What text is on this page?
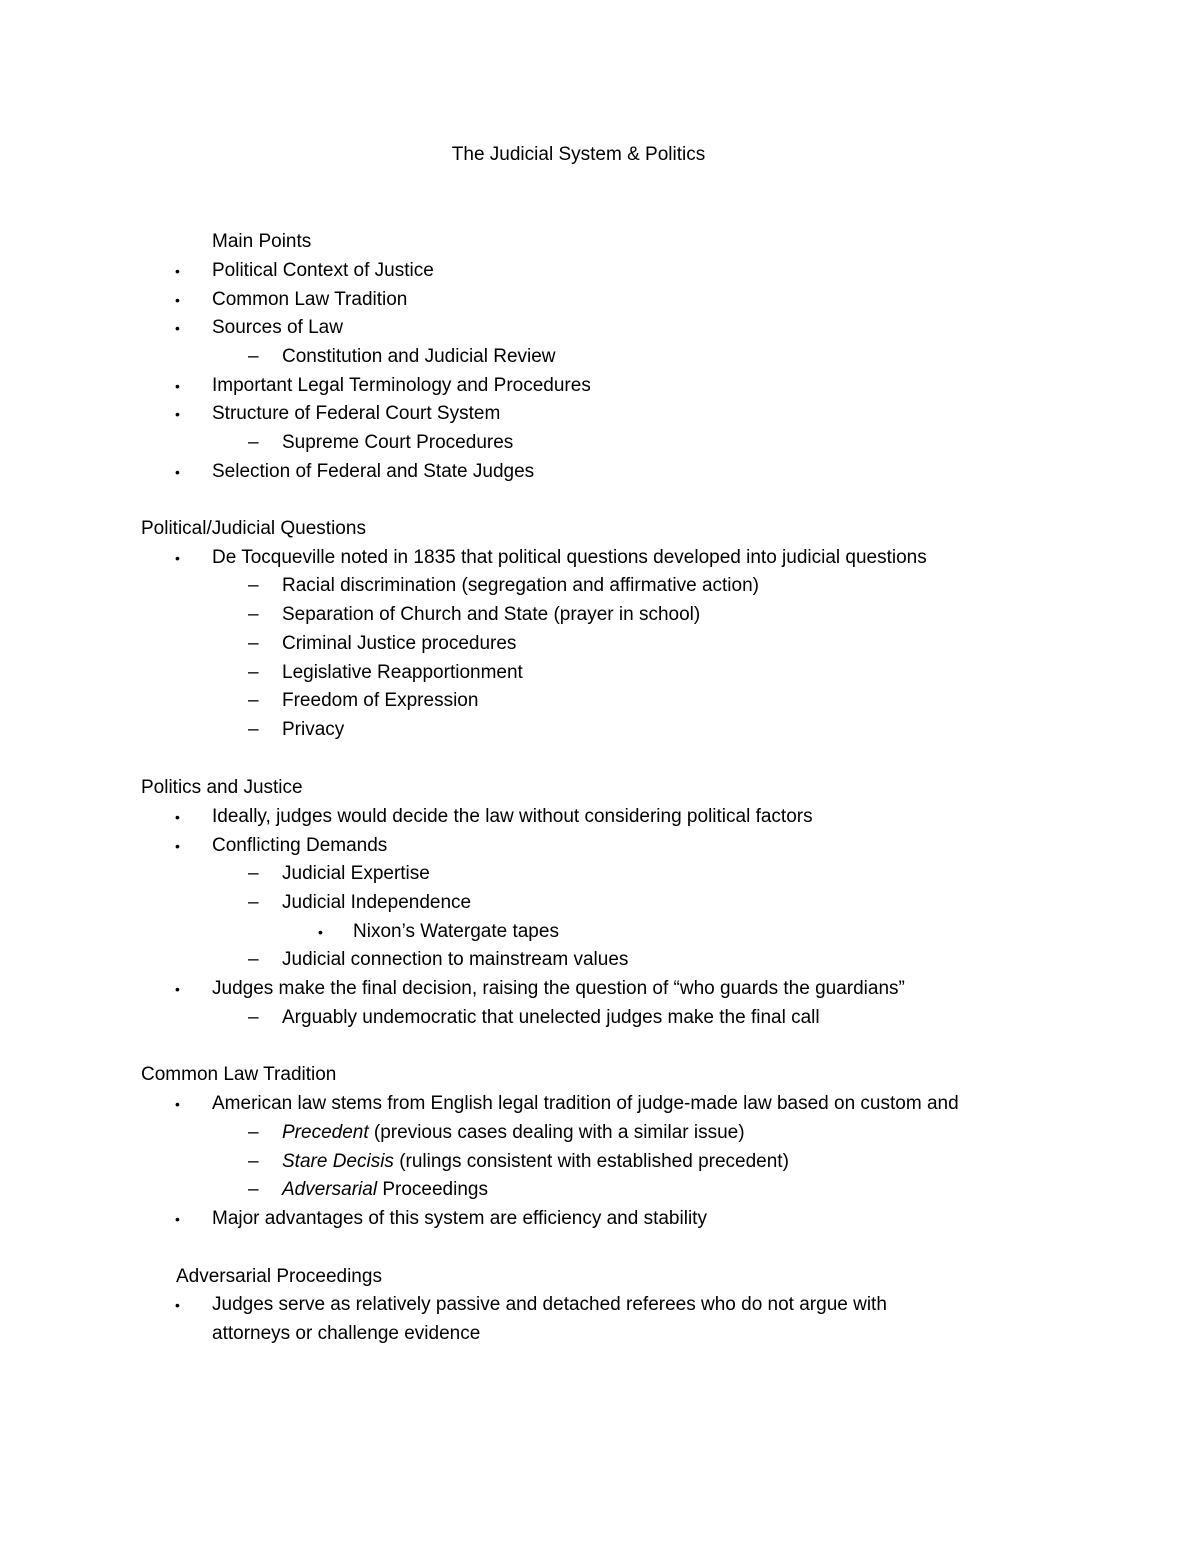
The Judicial System & Politics
Main Points
• Political Context of Justice
• Common Law Tradition
• Sources of Law
– Constitution and Judicial Review
• Important Legal Terminology and Procedures
• Structure of Federal Court System
– Supreme Court Procedures
• Selection of Federal and State Judges
Political/Judicial Questions
• De Tocqueville noted in 1835 that political questions developed into judicial questions
– Racial discrimination (segregation and affirmative action)
– Separation of Church and State (prayer in school)
– Criminal Justice procedures
– Legislative Reapportionment
– Freedom of Expression
– Privacy
Politics and Justice
• Ideally, judges would decide the law without considering political factors
• Conflicting Demands
– Judicial Expertise
– Judicial Independence
• Nixon’s Watergate tapes
– Judicial connection to mainstream values
• Judges make the final decision, raising the question of “who guards the guardians”
– Arguably undemocratic that unelected judges make the final call
Common Law Tradition
• American law stems from English legal tradition of judge-made law based on custom and
– Precedent (previous cases dealing with a similar issue)
– Stare Decisis (rulings consistent with established precedent)
– Adversarial Proceedings
• Major advantages of this system are efficiency and stability
Adversarial Proceedings
• Judges serve as relatively passive and detached referees who do not argue with
attorneys or challenge evidence
